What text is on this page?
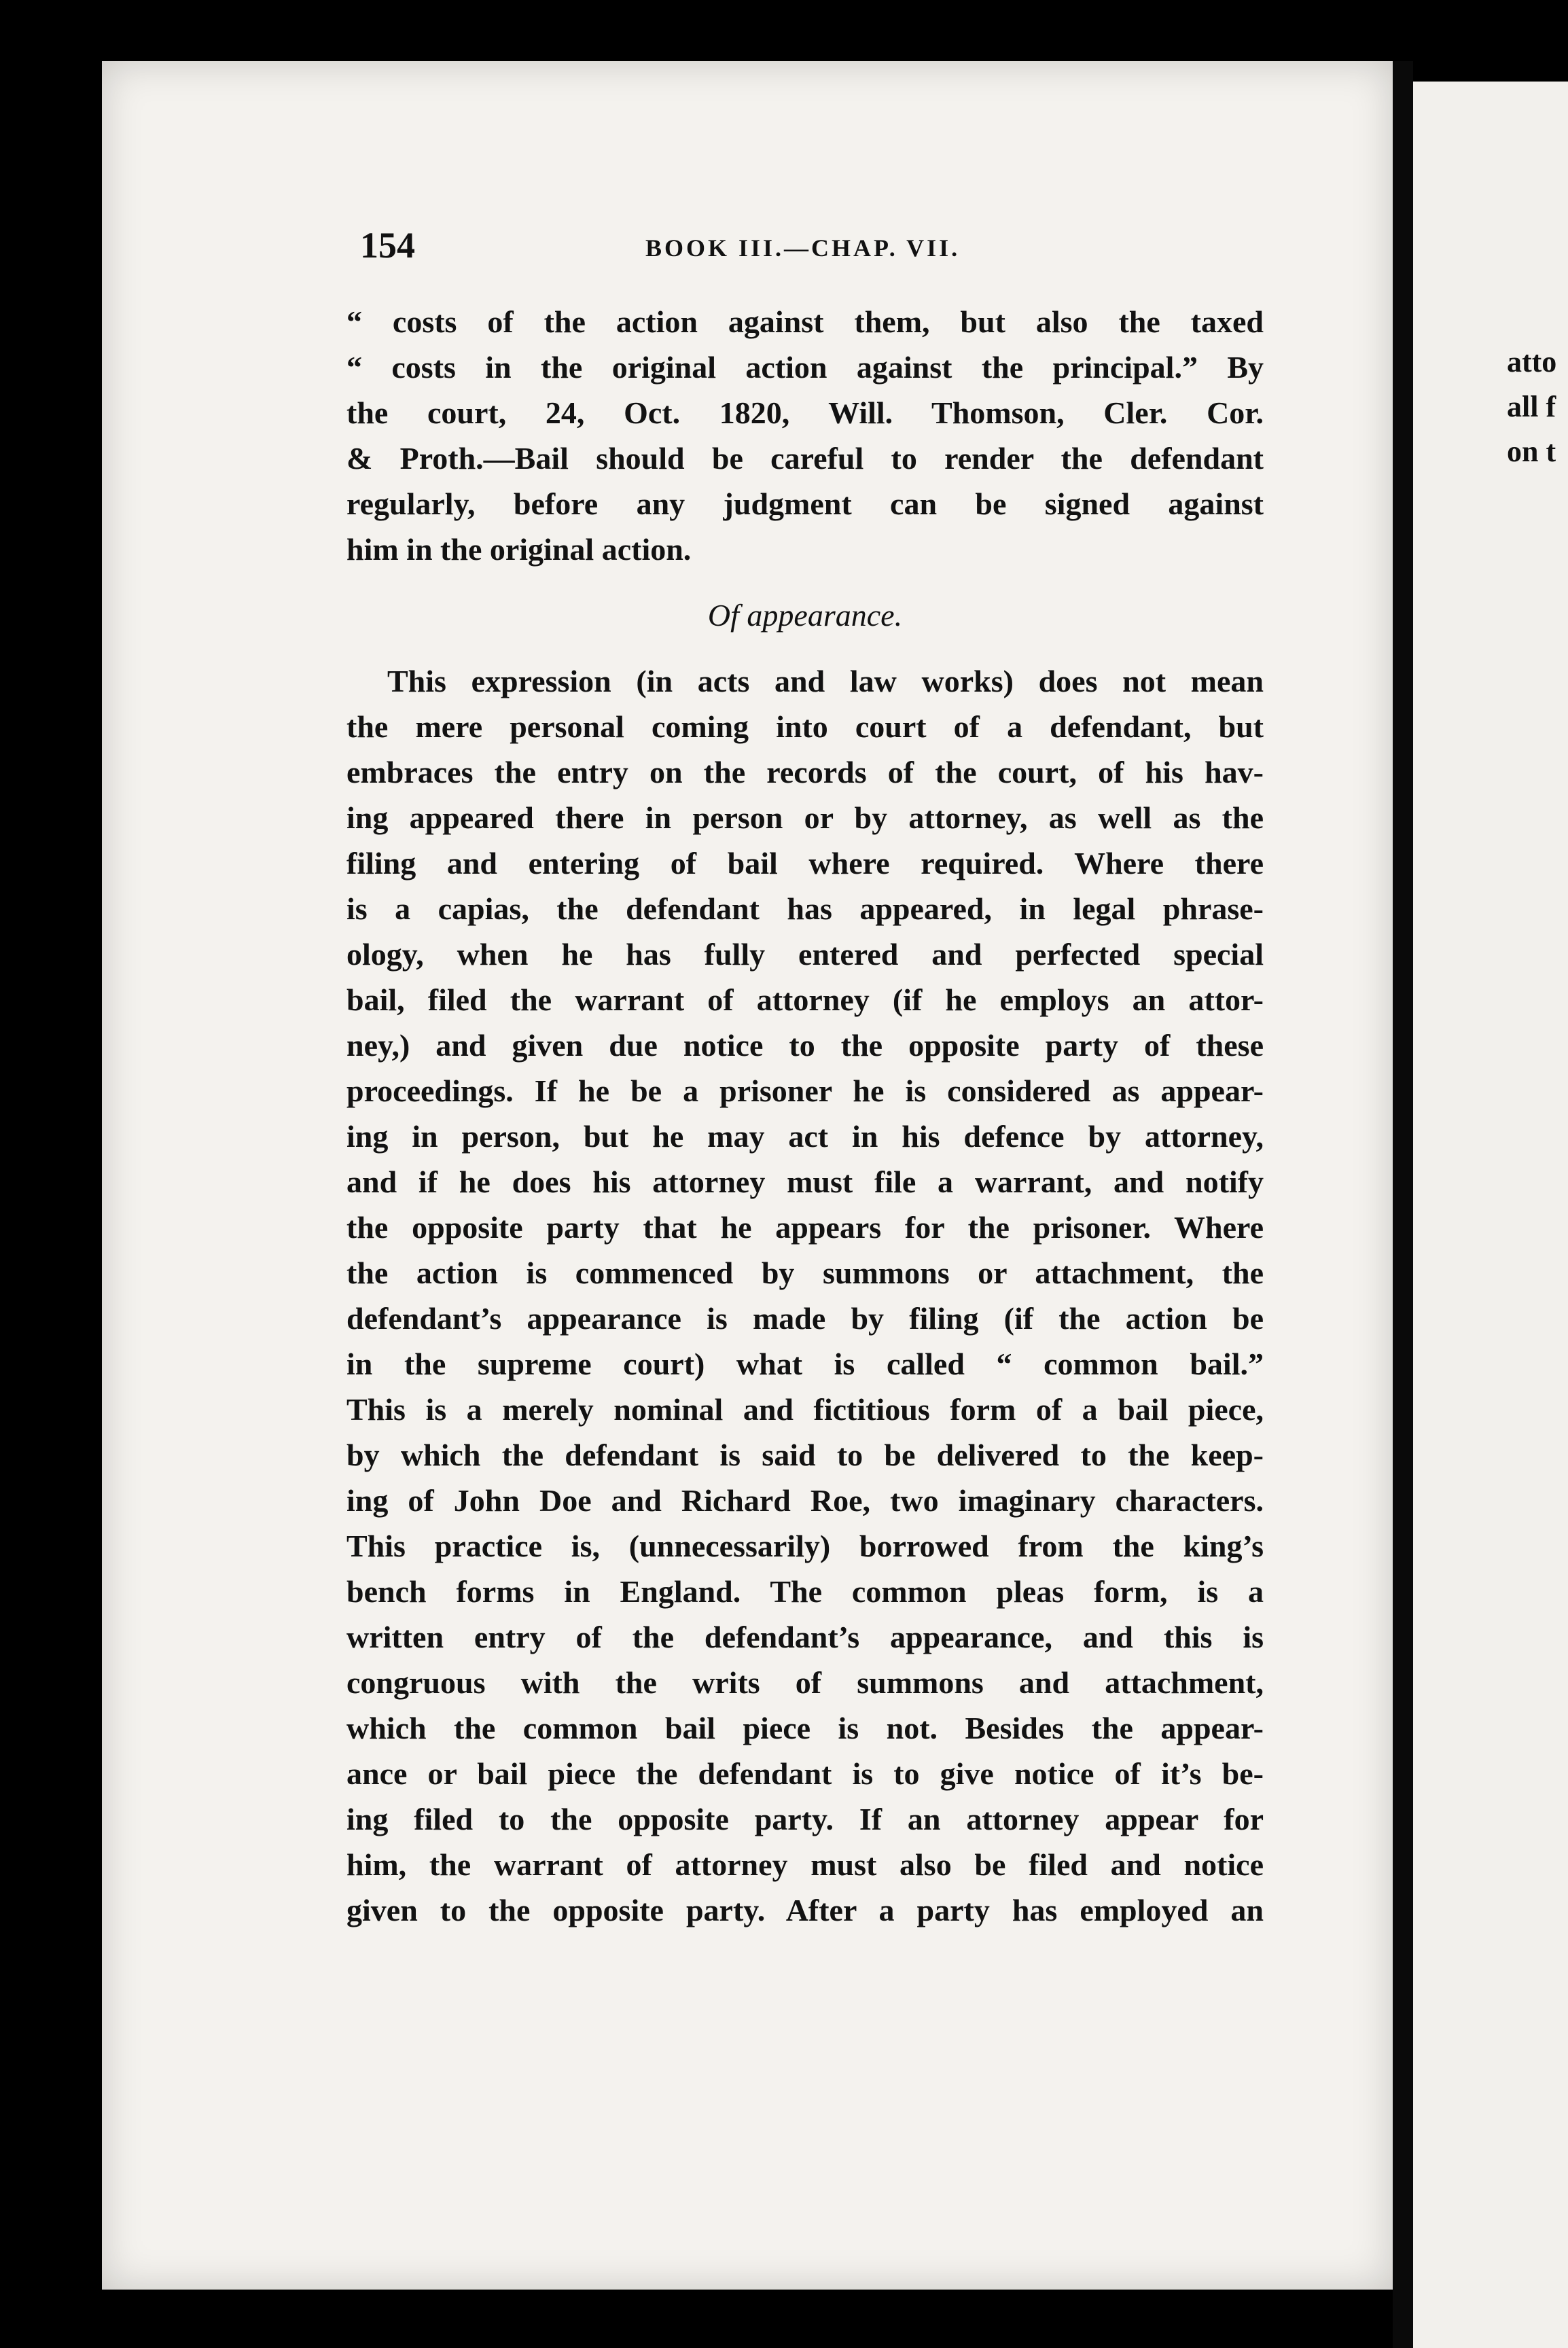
154	BOOK III.—CHAP. VII.
“ costs of the action against them, but also the taxed
“ costs in the original action against the principal.” By
the court, 24, Oct. 1820, Will. Thomson, Cler. Cor.
& Proth.—Bail should be careful to render the defendant
regularly, before any judgment can be signed against
him in the original action.
Of appearance.
This expression (in acts and law works) does not mean
the mere personal coming into court of a defendant, but
embraces the entry on the records of the court, of his hav-
ing appeared there in person or by attorney, as well as the
filing and entering of bail where required. Where there
is a capias, the defendant has appeared, in legal phrase-
ology, when he has fully entered and perfected special
bail, filed the warrant of attorney (if he employs an attor-
ney,) and given due notice to the opposite party of these
proceedings. If he be a prisoner he is considered as appear-
ing in person, but he may act in his defence by attorney,
and if he does his attorney must file a warrant, and notify
the opposite party that he appears for the prisoner. Where
the action is commenced by summons or attachment, the
defendant’s appearance is made by filing (if the action be
in the supreme court) what is called “ common bail.”
This is a merely nominal and fictitious form of a bail piece,
by which the defendant is said to be delivered to the keep-
ing of John Doe and Richard Roe, two imaginary characters.
This practice is, (unnecessarily) borrowed from the king’s
bench forms in England. The common pleas form, is a
written entry of the defendant’s appearance, and this is
congruous with the writs of summons and attachment,
which the common bail piece is not. Besides the appear-
ance or bail piece the defendant is to give notice of it’s be-
ing filed to the opposite party. If an attorney appear for
him, the warrant of attorney must also be filed and notice
given to the opposite party. After a party has employed an
atto
all f
on t
